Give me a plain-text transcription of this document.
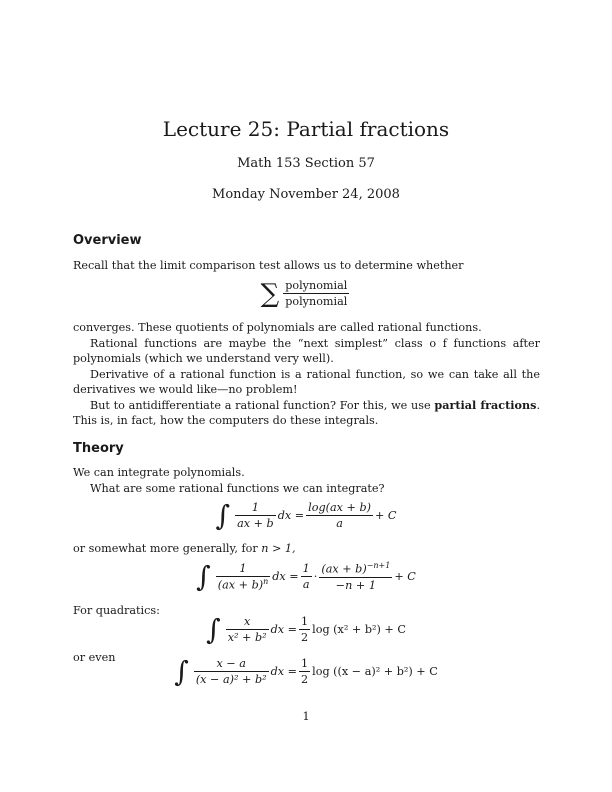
Lecture 25: Partial fractions
Math 153 Section 57
Monday November 24, 2008
Overview
Recall that the limit comparison test allows us to determine whether
∑ $\frac{\text{polynomial}}{\text{polynomial}}$
converges. These quotients of polynomials are called rational functions.
Rational functions are maybe the “next simplest” class o f functions after polynomials (which we understand very well).
Derivative of a rational function is a rational function, so we can take all the derivatives we would like—no problem!
But to antidifferentiate a rational function? For this, we use partial fractions. This is, in fact, how the computers do these integrals.
Theory
We can integrate polynomials.
What are some rational functions we can integrate?
∫ $\frac{1}{ax + b}$ dx = $\frac{\log(ax + b)}{a} + C$
or somewhat more generally, for n > 1,
∫ $\frac{1}{(ax + b)^n}$ dx = $\frac{1}{a} \cdot \frac{(ax + b)^{-n+1}}{-n + 1} + C$
For quadratics:
∫ $\frac{x}{\text{x² + b²}}$ dx = $\frac{1}{2}$ log (x² + b²) + C
or even	∫ $\frac{x - a}{\text{(x − a)² + b²}}$ dx = $\frac{1}{2}$ log ((x − a)² + b²) + C
1
